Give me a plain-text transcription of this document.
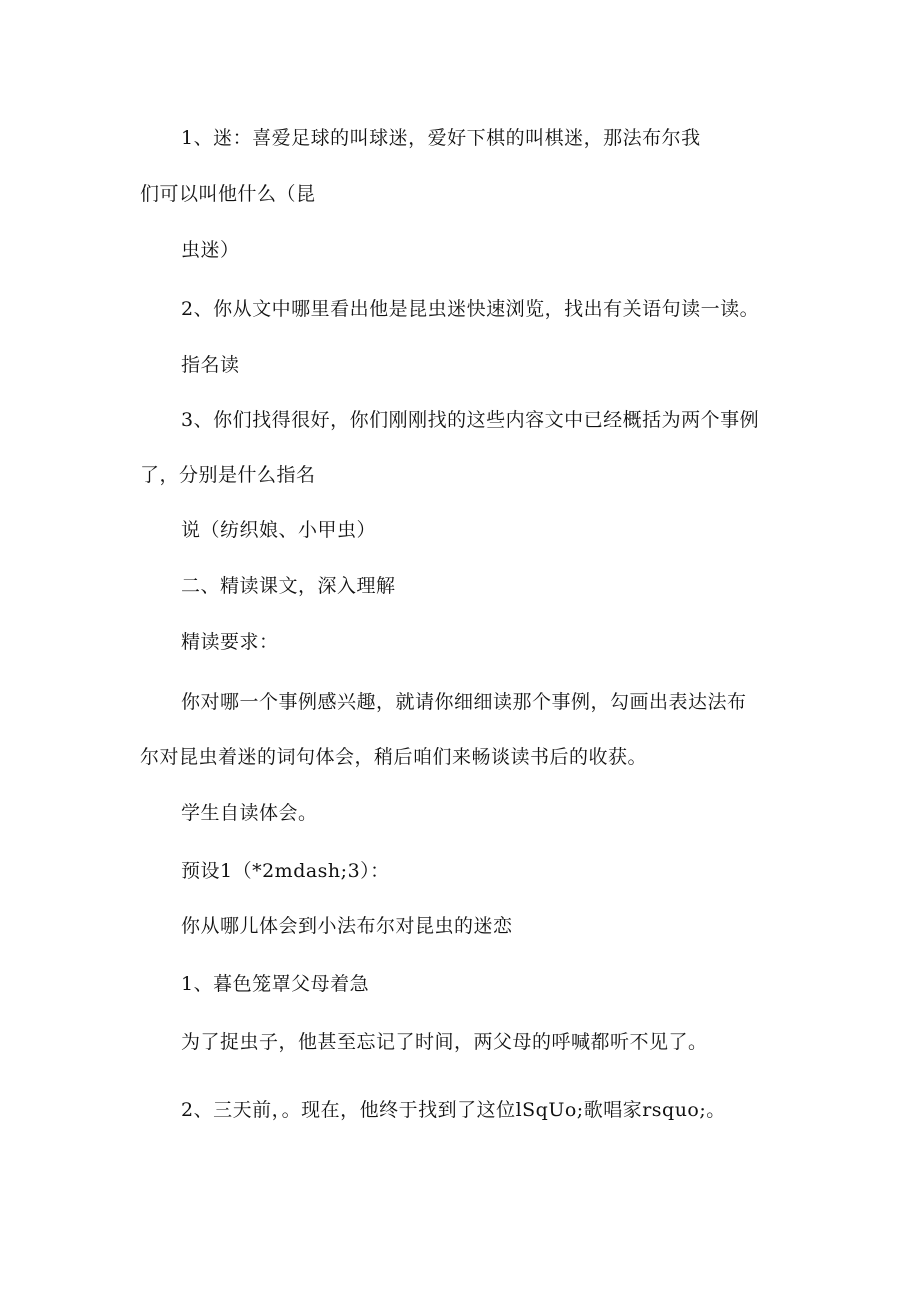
1、迷：喜爱足球的叫球迷，爱好下棋的叫棋迷，那法布尔我
们可以叫他什么（昆
虫迷）
2、你从文中哪里看出他是昆虫迷快速浏览，找出有关语句读一读。
指名读
3、你们找得很好，你们刚刚找的这些内容文中已经概括为两个事例
了，分别是什么指名
说（纺织娘、小甲虫）
二、精读课文，深入理解
精读要求：
你对哪一个事例感兴趣，就请你细细读那个事例，勾画出表达法布
尔对昆虫着迷的词句体会，稍后咱们来畅谈读书后的收获。
学生自读体会。
预设1（*2mdash;3）：
你从哪儿体会到小法布尔对昆虫的迷恋
1、暮色笼罩父母着急
为了捉虫子，他甚至忘记了时间，两父母的呼喊都听不见了。
2、三天前，。现在，他终于找到了这位lSqUo;歌唱家rsquo;。
